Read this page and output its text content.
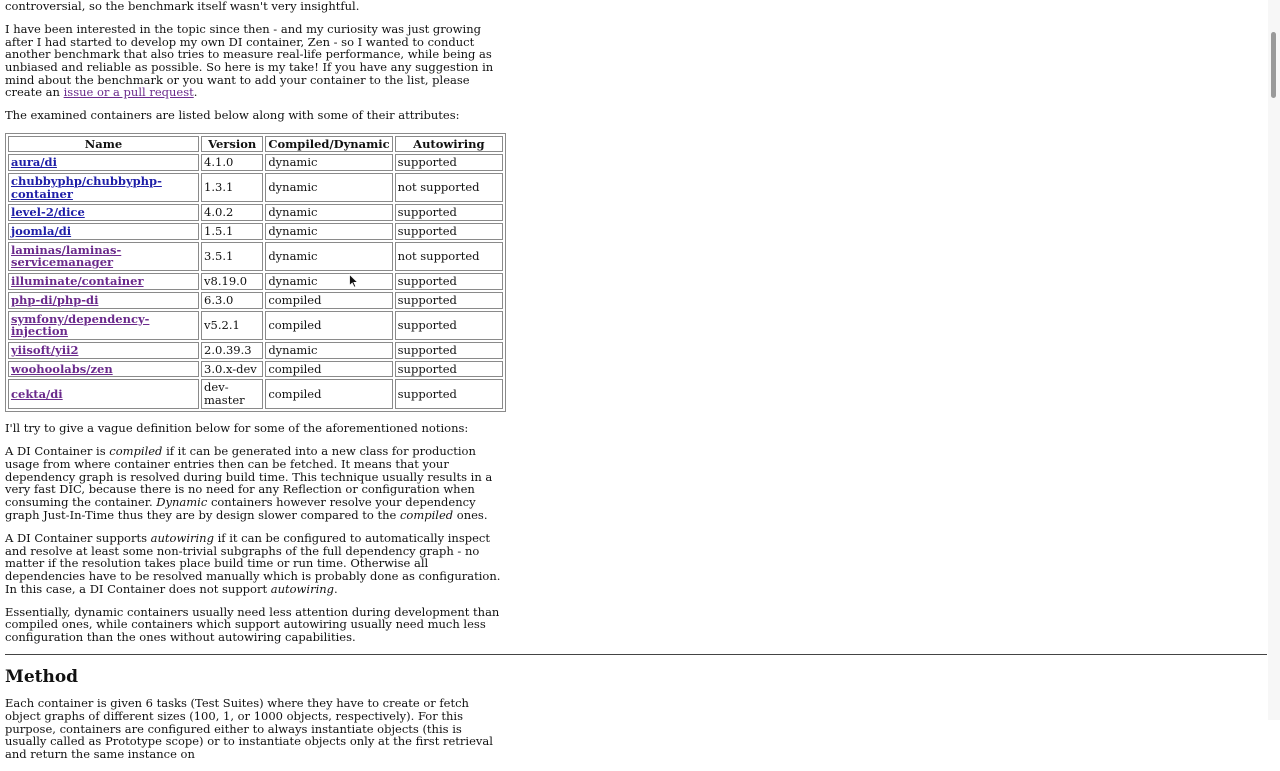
controversial, so the benchmark itself wasn't very insightful.

I have been interested in the topic since then - and my curiosity was just growing after I had started to develop my own DI container, Zen - so I wanted to conduct another benchmark that also tries to measure real-life performance, while being as unbiased and reliable as possible. So here is my take! If you have any suggestion in mind about the benchmark or you want to add your container to the list, please create an issue or a pull request.

The examined containers are listed below along with some of their attributes:

Name	Version	Compiled/Dynamic	Autowiring
aura/di	4.1.0	dynamic	supported
chubbyphp/chubbyphp-container	1.3.1	dynamic	not supported
level-2/dice	4.0.2	dynamic	supported
joomla/di	1.5.1	dynamic	supported
laminas/laminas-servicemanager	3.5.1	dynamic	not supported
illuminate/container	v8.19.0	dynamic	supported
php-di/php-di	6.3.0	compiled	supported
symfony/dependency-injection	v5.2.1	compiled	supported
yiisoft/yii2	2.0.39.3	dynamic	supported
woohoolabs/zen	3.0.x-dev	compiled	supported
cekta/di	dev-master	compiled	supported

I'll try to give a vague definition below for some of the aforementioned notions:

A DI Container is compiled if it can be generated into a new class for production usage from where container entries then can be fetched. It means that your dependency graph is resolved during build time. This technique usually results in a very fast DIC, because there is no need for any Reflection or configuration when consuming the container. Dynamic containers however resolve your dependency graph Just-In-Time thus they are by design slower compared to the compiled ones.

A DI Container supports autowiring if it can be configured to automatically inspect and resolve at least some non-trivial subgraphs of the full dependency graph - no matter if the resolution takes place build time or run time. Otherwise all dependencies have to be resolved manually which is probably done as configuration. In this case, a DI Container does not support autowiring.

Essentially, dynamic containers usually need less attention during development than compiled ones, while containers which support autowiring usually need much less configuration than the ones without autowiring capabilities.

Method

Each container is given 6 tasks (Test Suites) where they have to create or fetch object graphs of different sizes (100, 1, or 1000 objects, respectively). For this purpose, containers are configured either to always instantiate objects (this is usually called as Prototype scope) or to instantiate objects only at the first retrieval and return the same instance on
